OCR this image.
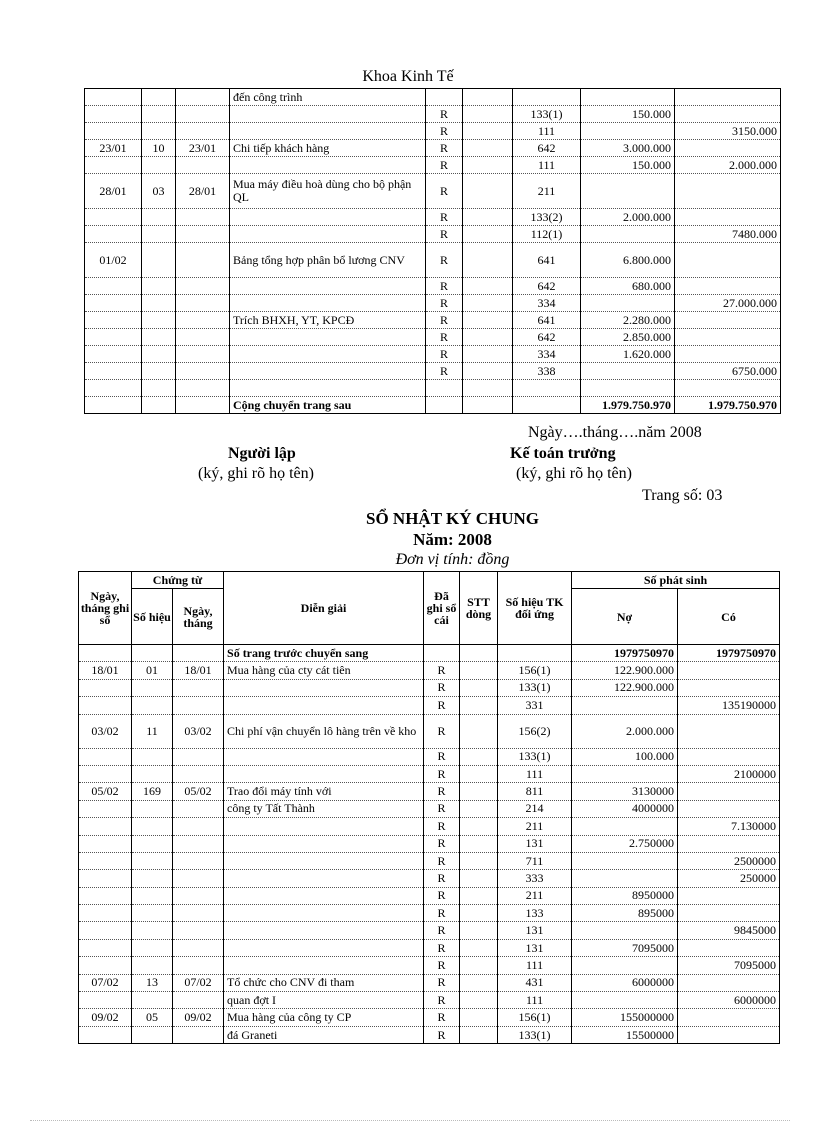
Khoa Kinh Tế
			đến công trình					
				R		133(1)	150.000	
				R		111		3150.000
23/01	10	23/01	Chi tiếp khách hàng	R		642	3.000.000	
				R		111	150.000	2.000.000
28/01	03	28/01	Mua máy điều hoà dùng cho bộ phận QL	R		211		
				R		133(2)	2.000.000	
				R		112(1)		7480.000
01/02			Bảng tổng hợp phân bổ lương CNV	R		641	6.800.000	
				R		642	680.000	
				R		334		27.000.000
			Trích BHXH, YT, KPCĐ	R		641	2.280.000	
				R		642	2.850.000	
				R		334	1.620.000	
				R		338		6750.000

			Cộng chuyển trang sau				1.979.750.970	1.979.750.970
Ngày….tháng….năm 2008
Người lập
(ký, ghi rõ họ tên)
Kế toán trưởng
(ký, ghi rõ họ tên)
Trang số: 03
SỔ NHẬT KÝ CHUNG
Năm: 2008
Đơn vị tính: đồng
Ngày, tháng ghi sổ	Chứng từ		Diễn giải	Đã ghi sổ cái	STT dòng	Số hiệu TK đối ứng	Số phát sinh	
	Số hiệu	Ngày, tháng					Nợ	Có
			Số trang trước chuyển sang				1979750970	1979750970
18/01	01	18/01	Mua hàng của cty cát tiên	R		156(1)	122.900.000	
				R		133(1)	122.900.000	
				R		331		135190000
03/02	11	03/02	Chi phí vận chuyển lô hàng trên về kho	R		156(2)	2.000.000	
				R		133(1)	100.000	
				R		111		2100000
05/02	169	05/02	Trao đổi máy tính với	R		811	3130000	
			công ty Tất Thành	R		214	4000000	
				R		211		7.130000
				R		131	2.750000	
				R		711		2500000
				R		333		250000
				R		211	8950000	
				R		133	895000	
				R		131		9845000
				R		131	7095000	
				R		111		7095000
07/02	13	07/02	Tổ chức cho CNV đi tham	R		431	6000000	
			quan đợt I	R		111		6000000
09/02	05	09/02	Mua hàng của công ty CP	R		156(1)	155000000	
			đá Graneti	R		133(1)	15500000	
